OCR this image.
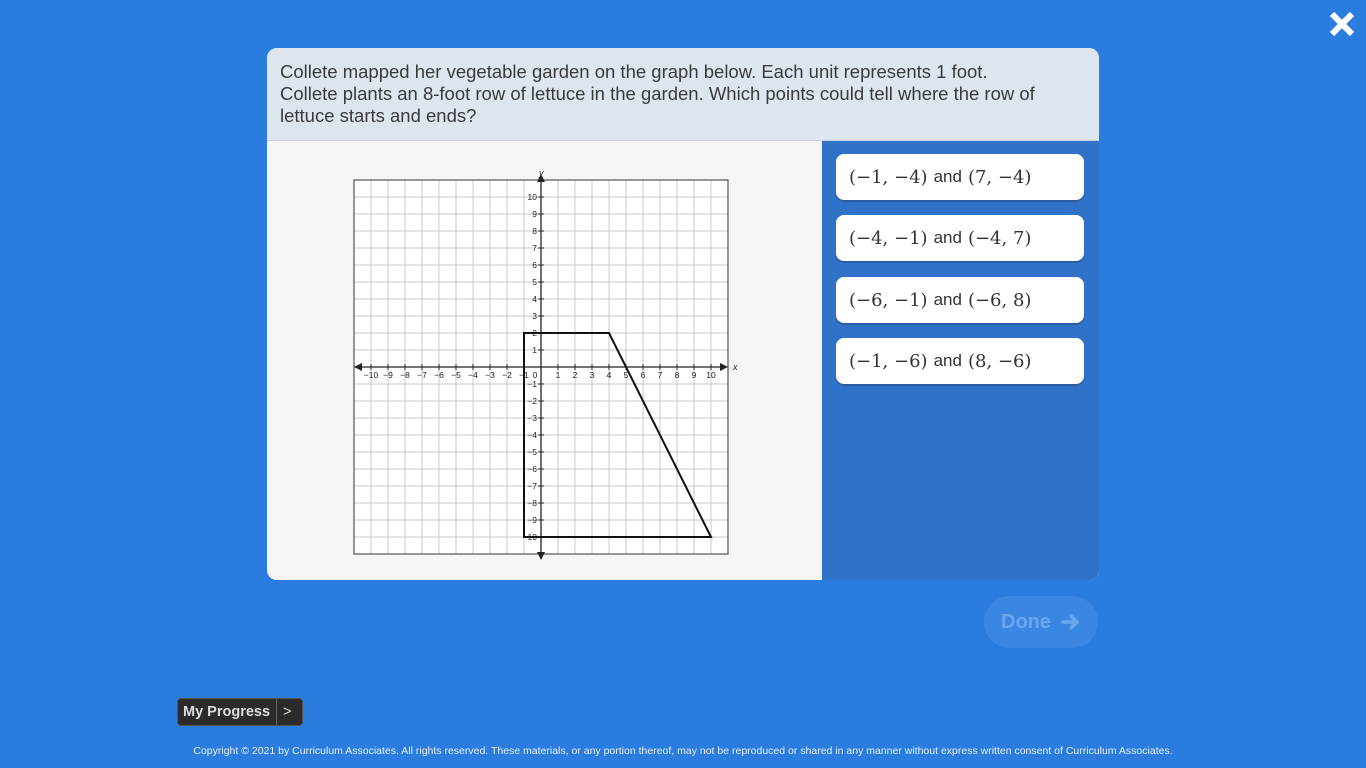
Collete mapped her vegetable garden on the graph below. Each unit represents 1 foot.
Collete plants an 8-foot row of lettuce in the garden. Which points could tell where the row of
lettuce starts and ends?
x
y
0
−10 −9 −8 −7 −6 −5 −4 −3 −2 −1	1 2 3 4 5 6 7 8 9 10
10
9
8
7
6
5
4
3
2
1
−1
−2
−3
−4
−5
−6
−7
−8
−9
−10
(−1, −4) and (7, −4)
(−4, −1) and (−4, 7)
(−6, −1) and (−6, 8)
(−1, −6) and (8, −6)
Done
My Progress >
Copyright © 2021 by Curriculum Associates. All rights reserved. These materials, or any portion thereof, may not be reproduced or shared in any manner without express written consent of Curriculum Associates.
